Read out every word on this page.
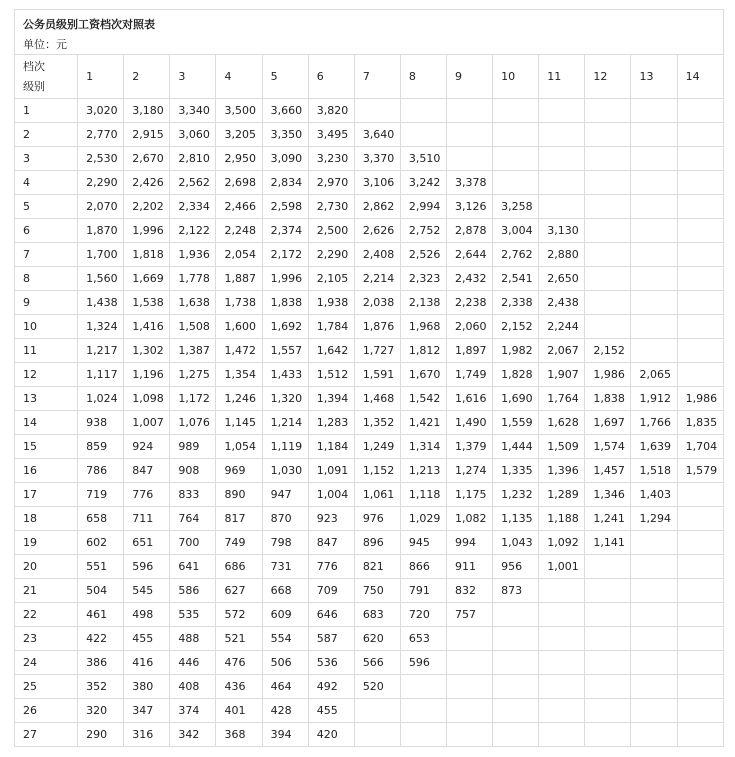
公务员级别工资档次对照表														
单位：元														

档次
级别	1	2	3	4	5	6	7	8	9	10	11	12	13	14
1	3,020	3,180	3,340	3,500	3,660	3,820								
2	2,770	2,915	3,060	3,205	3,350	3,495	3,640							
3	2,530	2,670	2,810	2,950	3,090	3,230	3,370	3,510						
4	2,290	2,426	2,562	2,698	2,834	2,970	3,106	3,242	3,378					
5	2,070	2,202	2,334	2,466	2,598	2,730	2,862	2,994	3,126	3,258				
6	1,870	1,996	2,122	2,248	2,374	2,500	2,626	2,752	2,878	3,004	3,130			
7	1,700	1,818	1,936	2,054	2,172	2,290	2,408	2,526	2,644	2,762	2,880			
8	1,560	1,669	1,778	1,887	1,996	2,105	2,214	2,323	2,432	2,541	2,650			
9	1,438	1,538	1,638	1,738	1,838	1,938	2,038	2,138	2,238	2,338	2,438			
10	1,324	1,416	1,508	1,600	1,692	1,784	1,876	1,968	2,060	2,152	2,244			
11	1,217	1,302	1,387	1,472	1,557	1,642	1,727	1,812	1,897	1,982	2,067	2,152		
12	1,117	1,196	1,275	1,354	1,433	1,512	1,591	1,670	1,749	1,828	1,907	1,986	2,065	
13	1,024	1,098	1,172	1,246	1,320	1,394	1,468	1,542	1,616	1,690	1,764	1,838	1,912	1,986
14	938	1,007	1,076	1,145	1,214	1,283	1,352	1,421	1,490	1,559	1,628	1,697	1,766	1,835
15	859	924	989	1,054	1,119	1,184	1,249	1,314	1,379	1,444	1,509	1,574	1,639	1,704
16	786	847	908	969	1,030	1,091	1,152	1,213	1,274	1,335	1,396	1,457	1,518	1,579
17	719	776	833	890	947	1,004	1,061	1,118	1,175	1,232	1,289	1,346	1,403	
18	658	711	764	817	870	923	976	1,029	1,082	1,135	1,188	1,241	1,294	
19	602	651	700	749	798	847	896	945	994	1,043	1,092	1,141		
20	551	596	641	686	731	776	821	866	911	956	1,001			
21	504	545	586	627	668	709	750	791	832	873				
22	461	498	535	572	609	646	683	720	757					
23	422	455	488	521	554	587	620	653						
24	386	416	446	476	506	536	566	596						
25	352	380	408	436	464	492	520							
26	320	347	374	401	428	455								
27	290	316	342	368	394	420								
